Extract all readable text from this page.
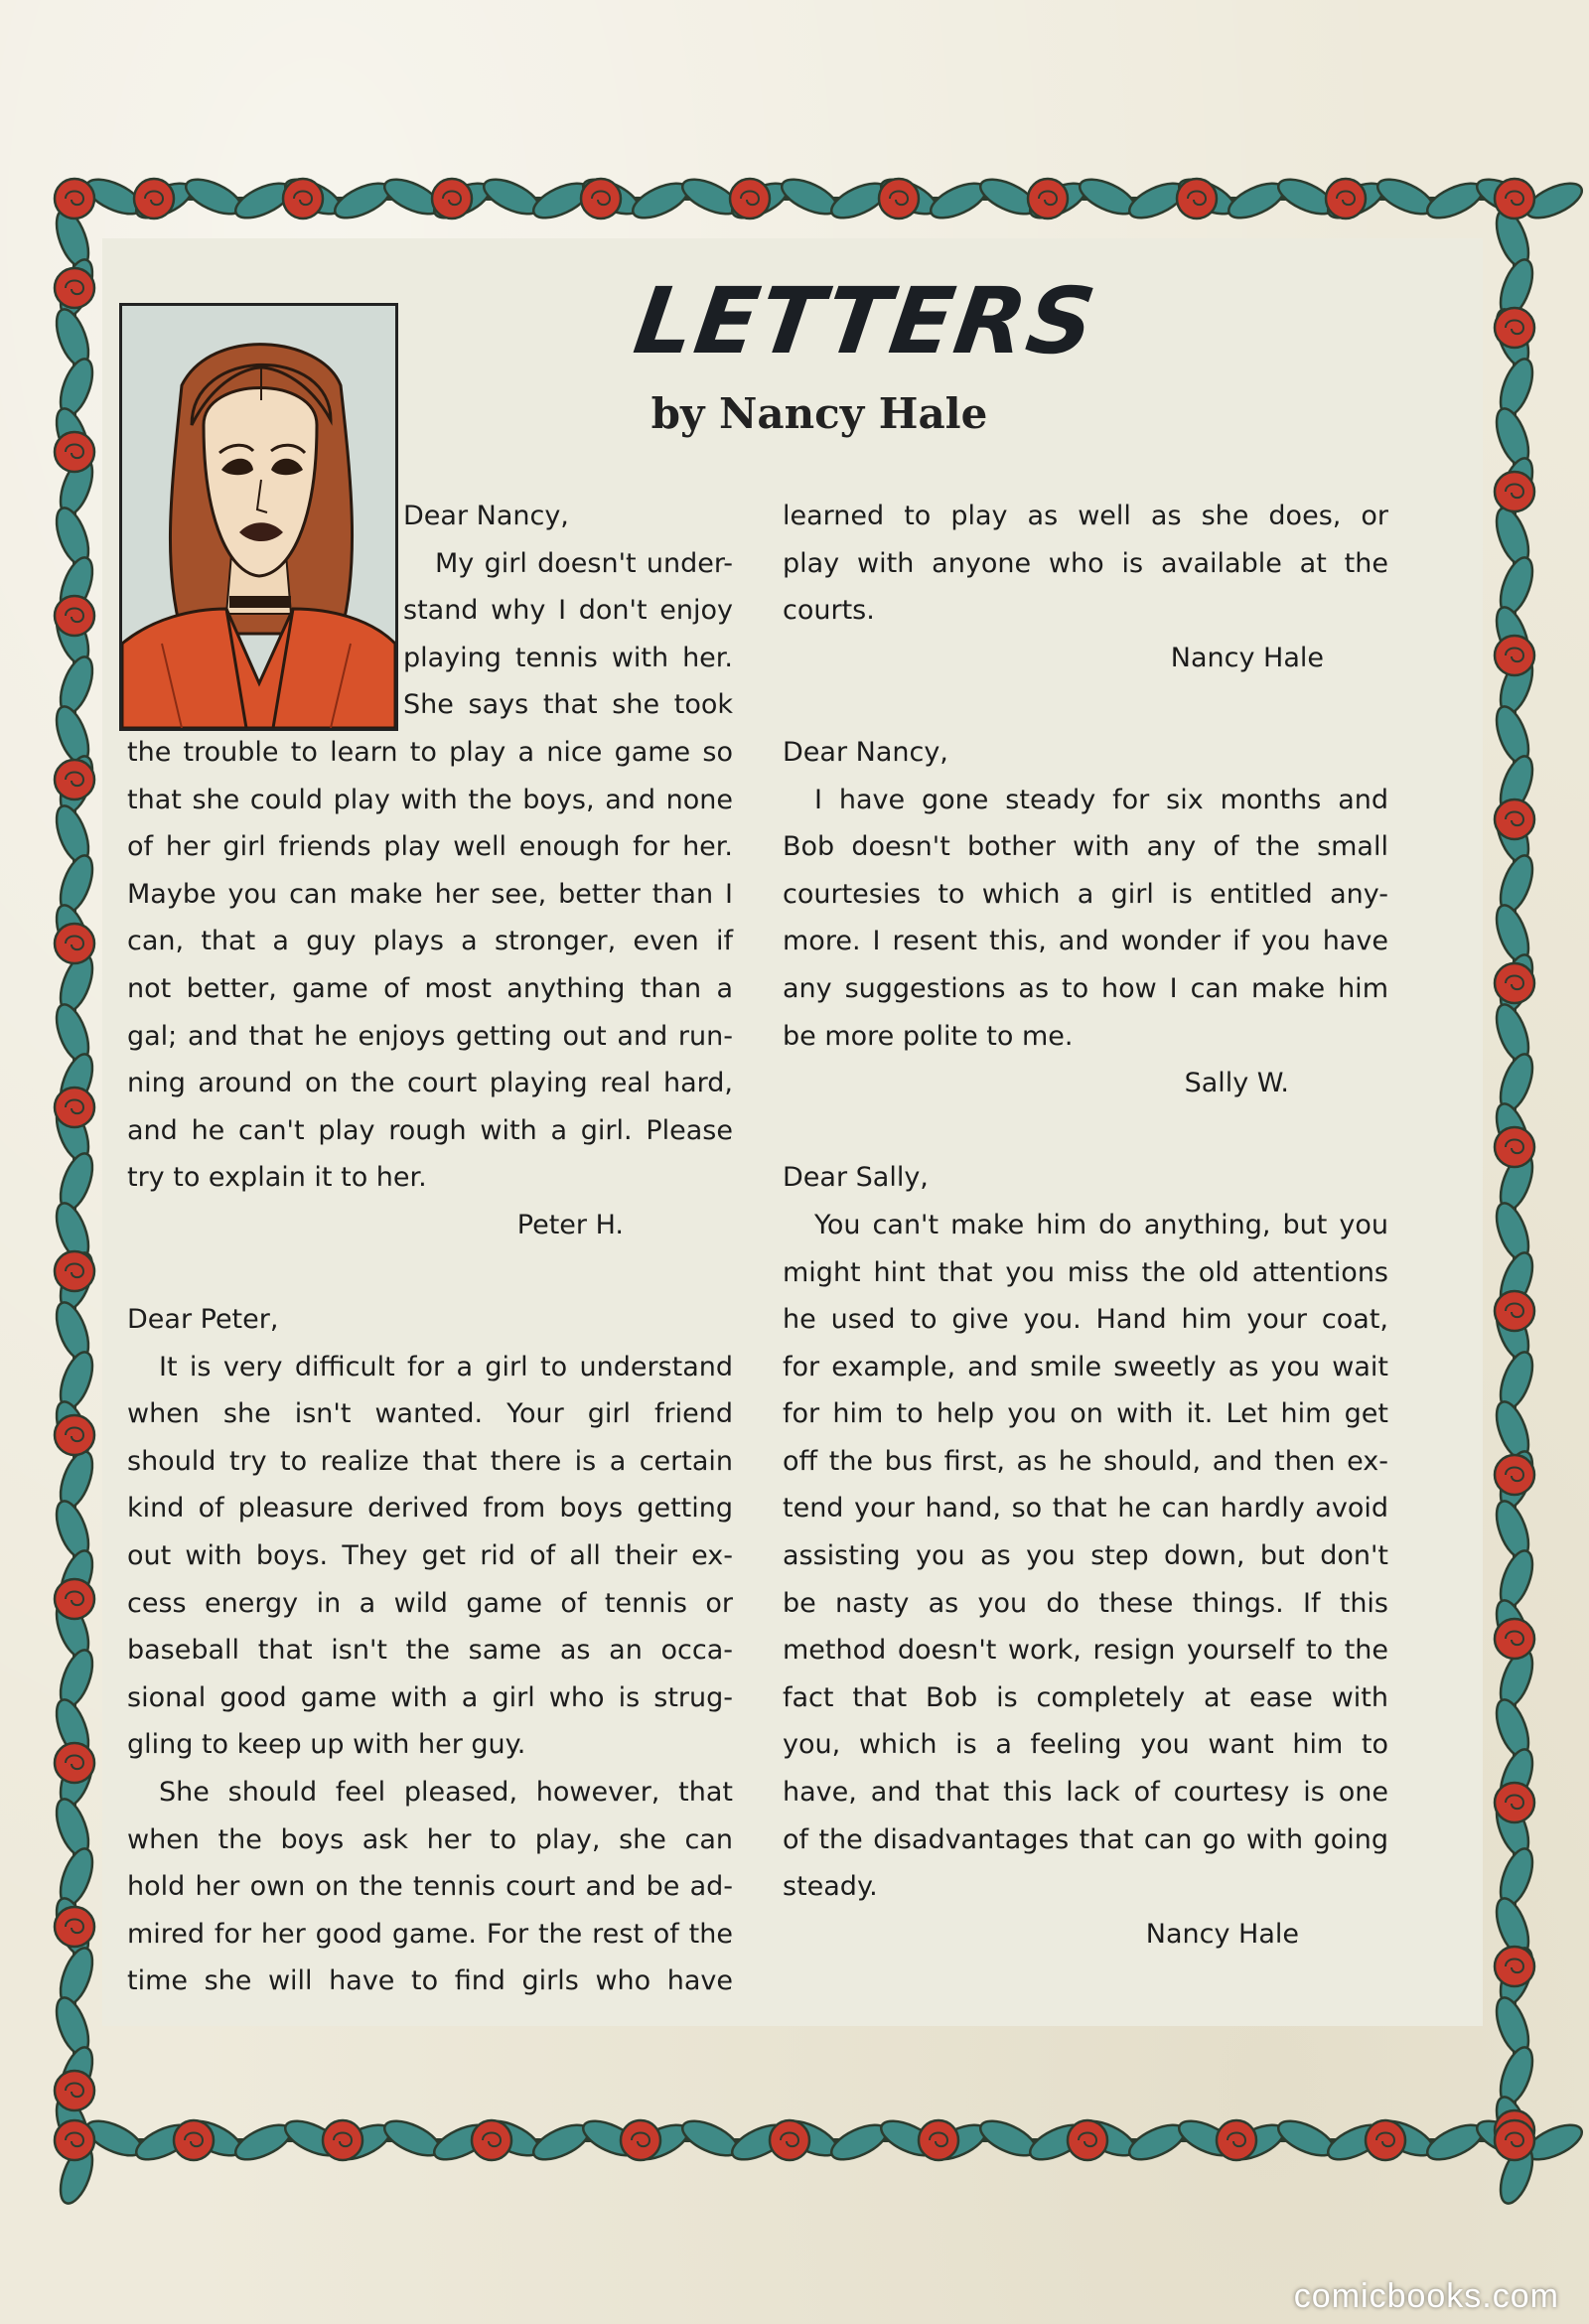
LETTERS
by Nancy Hale
Dear Nancy,
My girl doesn't under-
stand why I don't enjoy
playing tennis with her.
She says that she took
the trouble to learn to play a nice game so
that she could play with the boys, and none
of her girl friends play well enough for her.
Maybe you can make her see, better than I
can, that a guy plays a stronger, even if
not better, game of most anything than a
gal; and that he enjoys getting out and run-
ning around on the court playing real hard,
and he can't play rough with a girl. Please
try to explain it to her.
Peter H.
Dear Peter,
It is very difficult for a girl to understand
when she isn't wanted. Your girl friend
should try to realize that there is a certain
kind of pleasure derived from boys getting
out with boys. They get rid of all their ex-
cess energy in a wild game of tennis or
baseball that isn't the same as an occa-
sional good game with a girl who is strug-
gling to keep up with her guy.
She should feel pleased, however, that
when the boys ask her to play, she can
hold her own on the tennis court and be ad-
mired for her good game. For the rest of the
time she will have to find girls who have
learned to play as well as she does, or
play with anyone who is available at the
courts.
Nancy Hale
Dear Nancy,
I have gone steady for six months and
Bob doesn't bother with any of the small
courtesies to which a girl is entitled any-
more. I resent this, and wonder if you have
any suggestions as to how I can make him
be more polite to me.
Sally W.
Dear Sally,
You can't make him do anything, but you
might hint that you miss the old attentions
he used to give you. Hand him your coat,
for example, and smile sweetly as you wait
for him to help you on with it. Let him get
off the bus first, as he should, and then ex-
tend your hand, so that he can hardly avoid
assisting you as you step down, but don't
be nasty as you do these things. If this
method doesn't work, resign yourself to the
fact that Bob is completely at ease with
you, which is a feeling you want him to
have, and that this lack of courtesy is one
of the disadvantages that can go with going
steady.
Nancy Hale
comicbooks.com
